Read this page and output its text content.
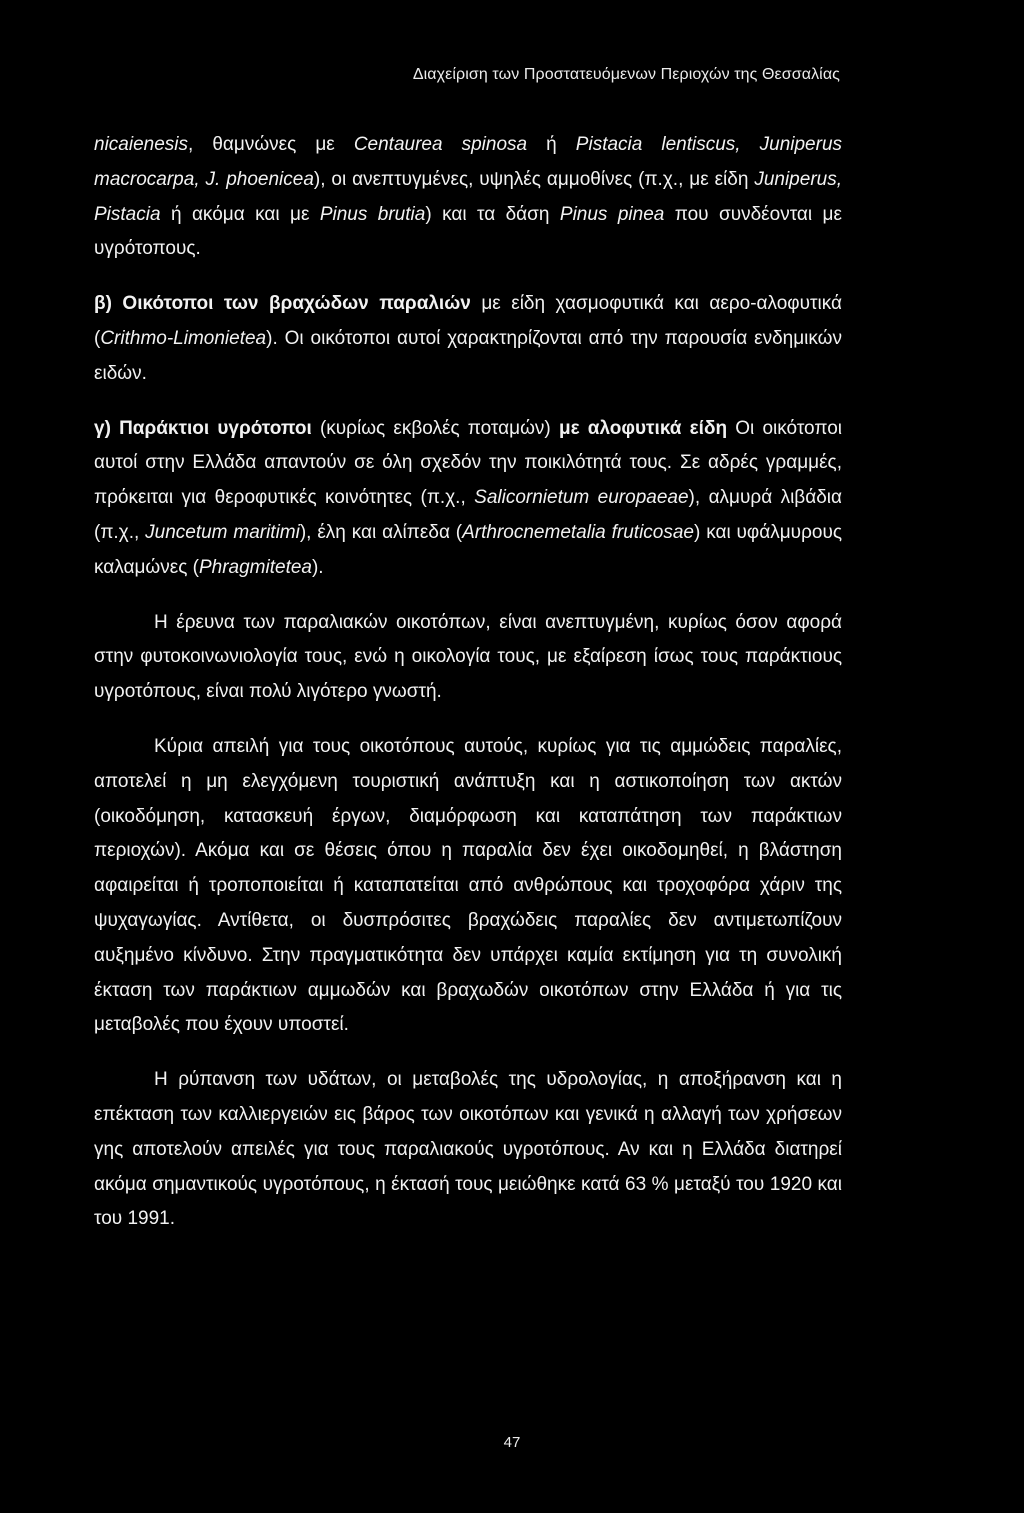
Διαχείριση των Προστατευόμενων Περιοχών της Θεσσαλίας

nicaienesis, θαμνώνες με Centaurea spinosa ή Pistacia lentiscus, Juniperus macrocarpa, J. phoenicea), οι ανεπτυγμένες, υψηλές αμμοθίνες (π.χ., με είδη Juniperus, Pistacia ή ακόμα και με Pinus brutia) και τα δάση Pinus pinea που συνδέονται με υγρότοπους.

β) Οικότοποι των βραχώδων παραλιών με είδη χασμοφυτικά και αερο-αλοφυτικά (Crithmo-Limonietea). Οι οικότοποι αυτοί χαρακτηρίζονται από την παρουσία ενδημικών ειδών.

γ) Παράκτιοι υγρότοποι (κυρίως εκβολές ποταμών) με αλοφυτικά είδη Οι οικότοποι αυτοί στην Ελλάδα απαντούν σε όλη σχεδόν την ποικιλότητά τους. Σε αδρές γραμμές, πρόκειται για θεροφυτικές κοινότητες (π.χ., Salicornietum europaeae), αλμυρά λιβάδια (π.χ., Juncetum maritimi), έλη και αλίπεδα (Arthrocnemetalia fruticosae) και υφάλμυρους καλαμώνες (Phragmitetea).

Η έρευνα των παραλιακών οικοτόπων, είναι ανεπτυγμένη, κυρίως όσον αφορά στην φυτοκοινωνιολογία τους, ενώ η οικολογία τους, με εξαίρεση ίσως τους παράκτιους υγροτόπους, είναι πολύ λιγότερο γνωστή.

Κύρια απειλή για τους οικοτόπους αυτούς, κυρίως για τις αμμώδεις παραλίες, αποτελεί η μη ελεγχόμενη τουριστική ανάπτυξη και η αστικοποίηση των ακτών (οικοδόμηση, κατασκευή έργων, διαμόρφωση και καταπάτηση των παράκτιων περιοχών). Ακόμα και σε θέσεις όπου η παραλία δεν έχει οικοδομηθεί, η βλάστηση αφαιρείται ή τροποποιείται ή καταπατείται από ανθρώπους και τροχοφόρα χάριν της ψυχαγωγίας. Αντίθετα, οι δυσπρόσιτες βραχώδεις παραλίες δεν αντιμετωπίζουν αυξημένο κίνδυνο. Στην πραγματικότητα δεν υπάρχει καμία εκτίμηση για τη συνολική έκταση των παράκτιων αμμωδών και βραχωδών οικοτόπων στην Ελλάδα ή για τις μεταβολές που έχουν υποστεί.

Η ρύπανση των υδάτων, οι μεταβολές της υδρολογίας, η αποξήρανση και η επέκταση των καλλιεργειών εις βάρος των οικοτόπων και γενικά η αλλαγή των χρήσεων γης αποτελούν απειλές για τους παραλιακούς υγροτόπους. Αν και η Ελλάδα διατηρεί ακόμα σημαντικούς υγροτόπους, η έκτασή τους μειώθηκε κατά 63 % μεταξύ του 1920 και του 1991.

47
